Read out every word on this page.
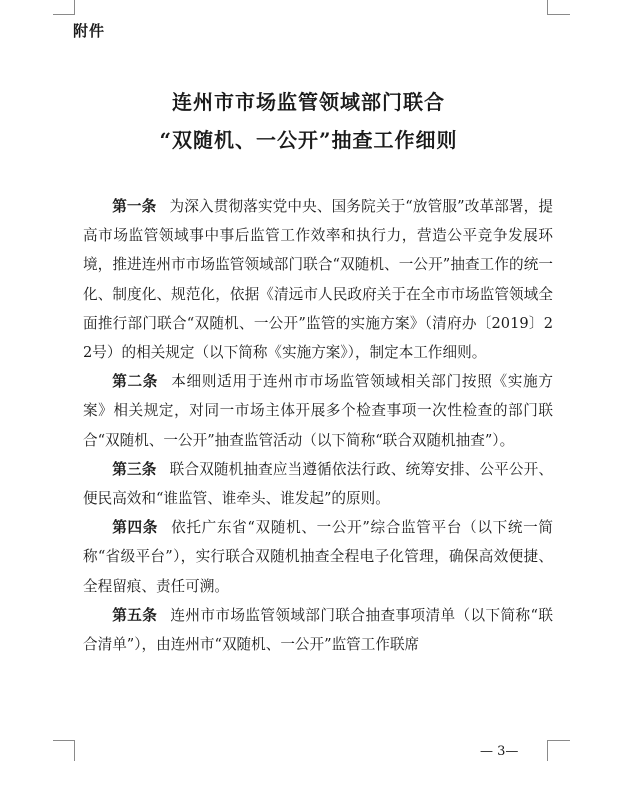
附件
连州市市场监管领域部门联合
“双随机、一公开”抽查工作细则

第一条 为深入贯彻落实党中央、国务院关于“放管服”改革部署，提高市场监管领域事中事后监管工作效率和执行力，营造公平竞争发展环境，推进连州市市场监管领域部门联合“双随机、一公开”抽查工作的统一化、制度化、规范化，依据《清远市人民政府关于在全市市场监管领域全面推行部门联合“双随机、一公开”监管的实施方案》（清府办〔2019〕22号）的相关规定（以下简称《实施方案》），制定本工作细则。

第二条 本细则适用于连州市市场监管领域相关部门按照《实施方案》相关规定，对同一市场主体开展多个检查事项一次性检查的部门联合“双随机、一公开”抽查监管活动（以下简称“联合双随机抽查”）。

第三条 联合双随机抽查应当遵循依法行政、统筹安排、公平公开、便民高效和“谁监管、谁牵头、谁发起”的原则。

第四条 依托广东省“双随机、一公开”综合监管平台（以下统一简称“省级平台”），实行联合双随机抽查全程电子化管理，确保高效便捷、全程留痕、责任可溯。

第五条 连州市市场监管领域部门联合抽查事项清单（以下简称“联合清单”），由连州市“双随机、一公开”监管工作联席

— 3—
